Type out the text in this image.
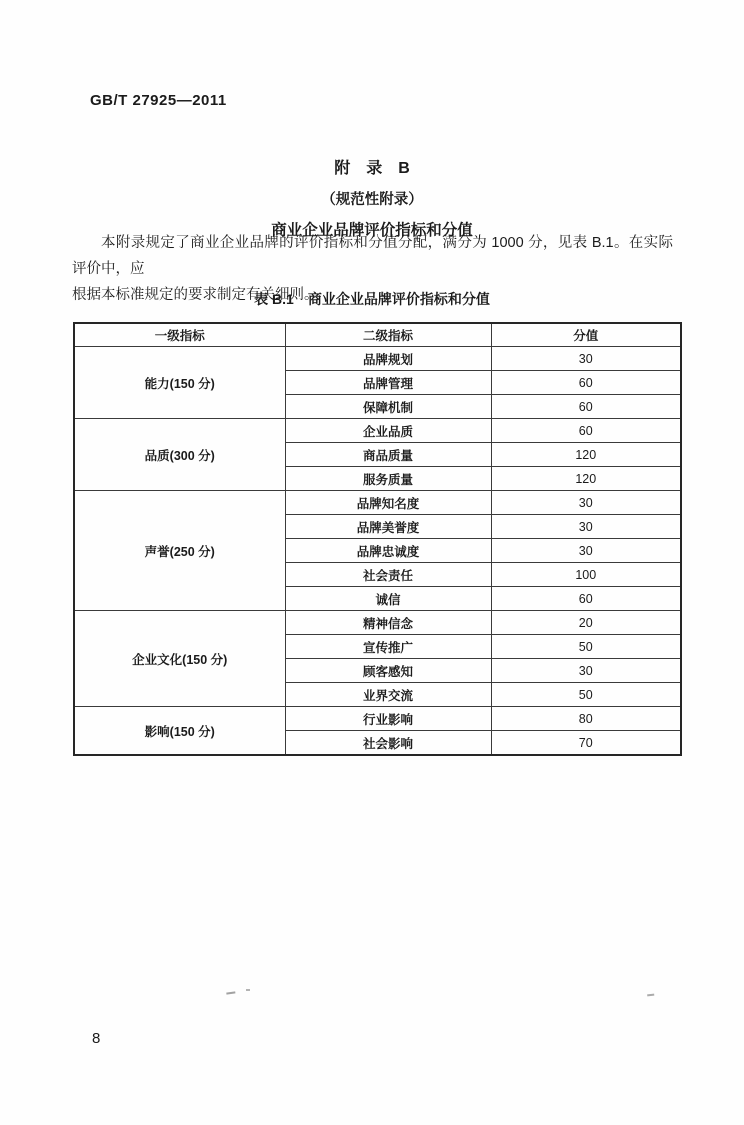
GB/T 27925—2011
附　录　B
（规范性附录）
商业企业品牌评价指标和分值
本附录规定了商业企业品牌的评价指标和分值分配，满分为 1000 分，见表 B.1。在实际评价中，应
根据本标准规定的要求制定有关细则。
表 B.1　商业企业品牌评价指标和分值
一级指标	二级指标	分值
能力(150 分)	品牌规划	30
	品牌管理	60
	保障机制	60
品质(300 分)	企业品质	60
	商品质量	120
	服务质量	120
声誉(250 分)	品牌知名度	30
	品牌美誉度	30
	品牌忠诚度	30
	社会责任	100
	诚信	60
企业文化(150 分)	精神信念	20
	宣传推广	50
	顾客感知	30
	业界交流	50
影响(150 分)	行业影响	80
	社会影响	70
8
